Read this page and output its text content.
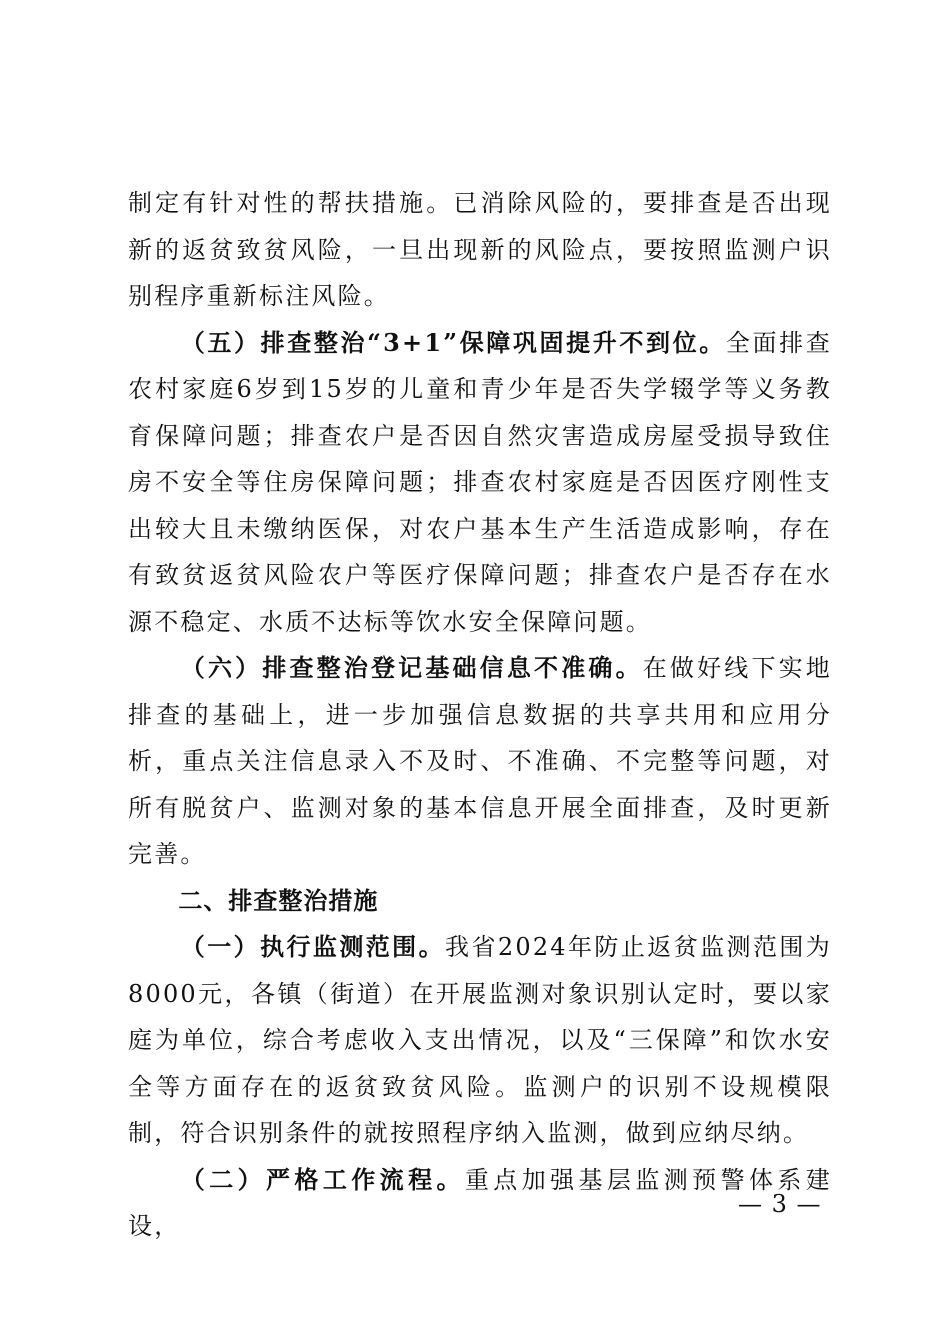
制定有针对性的帮扶措施。已消除风险的，要排查是否出现新的返贫致贫风险，一旦出现新的风险点，要按照监测户识别程序重新标注风险。

（五）排查整治“3+1”保障巩固提升不到位。全面排查农村家庭6岁到15岁的儿童和青少年是否失学辍学等义务教育保障问题；排查农户是否因自然灾害造成房屋受损导致住房不安全等住房保障问题；排查农村家庭是否因医疗刚性支出较大且未缴纳医保，对农户基本生产生活造成影响，存在有致贫返贫风险农户等医疗保障问题；排查农户是否存在水源不稳定、水质不达标等饮水安全保障问题。

（六）排查整治登记基础信息不准确。在做好线下实地排查的基础上，进一步加强信息数据的共享共用和应用分析，重点关注信息录入不及时、不准确、不完整等问题，对所有脱贫户、监测对象的基本信息开展全面排查，及时更新完善。

二、排查整治措施

（一）执行监测范围。我省2024年防止返贫监测范围为8000元，各镇（街道）在开展监测对象识别认定时，要以家庭为单位，综合考虑收入支出情况，以及“三保障”和饮水安全等方面存在的返贫致贫风险。监测户的识别不设规模限制，符合识别条件的就按照程序纳入监测，做到应纳尽纳。

（二）严格工作流程。重点加强基层监测预警体系建设，

— 3 —
